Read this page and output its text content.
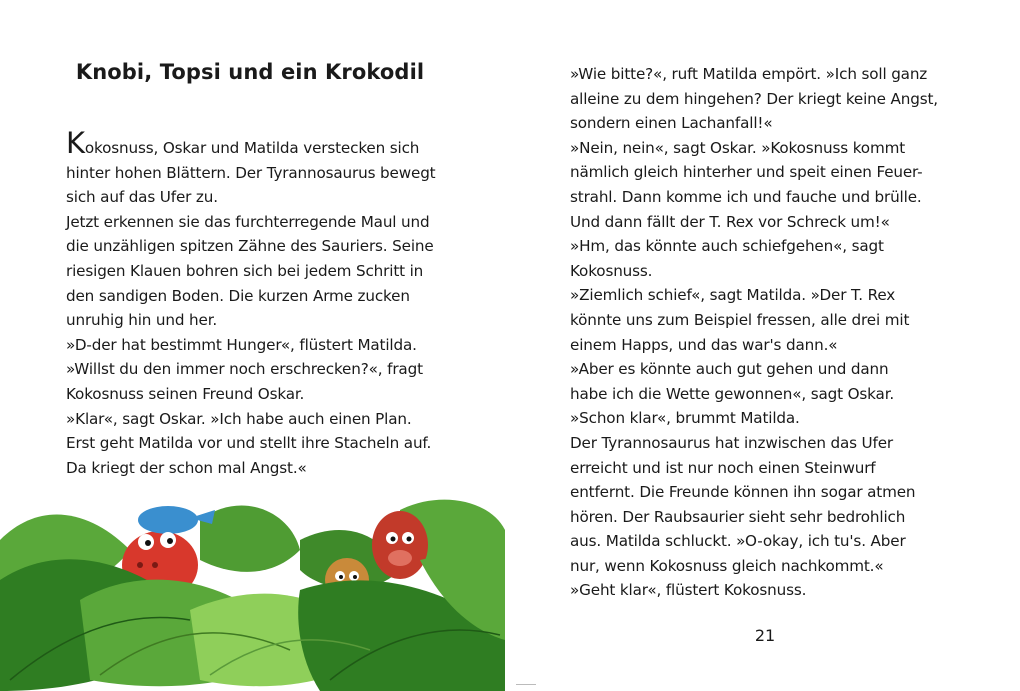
Knobi, Topsi und ein Krokodil
Kokosnuss, Oskar und Matilda verstecken sich
hinter hohen Blättern. Der Tyrannosaurus bewegt
sich auf das Ufer zu.
Jetzt erkennen sie das furchterregende Maul und
die unzähligen spitzen Zähne des Sauriers. Seine
riesigen Klauen bohren sich bei jedem Schritt in
den sandigen Boden. Die kurzen Arme zucken
unruhig hin und her.
»D-der hat bestimmt Hunger«, flüstert Matilda.
»Willst du den immer noch erschrecken?«, fragt
Kokosnuss seinen Freund Oskar.
»Klar«, sagt Oskar. »Ich habe auch einen Plan.
Erst geht Matilda vor und stellt ihre Stacheln auf.
Da kriegt der schon mal Angst.«
»Wie bitte?«, ruft Matilda empört. »Ich soll ganz
alleine zu dem hingehen? Der kriegt keine Angst,
sondern einen Lachanfall!«
»Nein, nein«, sagt Oskar. »Kokosnuss kommt
nämlich gleich hinterher und speit einen Feuer-
strahl. Dann komme ich und fauche und brülle.
Und dann fällt der T. Rex vor Schreck um!«
»Hm, das könnte auch schiefgehen«, sagt
Kokosnuss.
»Ziemlich schief«, sagt Matilda. »Der T. Rex
könnte uns zum Beispiel fressen, alle drei mit
einem Happs, und das war's dann.«
»Aber es könnte auch gut gehen und dann
habe ich die Wette gewonnen«, sagt Oskar.
»Schon klar«, brummt Matilda.
Der Tyrannosaurus hat inzwischen das Ufer
erreicht und ist nur noch einen Steinwurf
entfernt. Die Freunde können ihn sogar atmen
hören. Der Raubsaurier sieht sehr bedrohlich
aus. Matilda schluckt. »O-okay, ich tu's. Aber
nur, wenn Kokosnuss gleich nachkommt.«
»Geht klar«, flüstert Kokosnuss.
21
